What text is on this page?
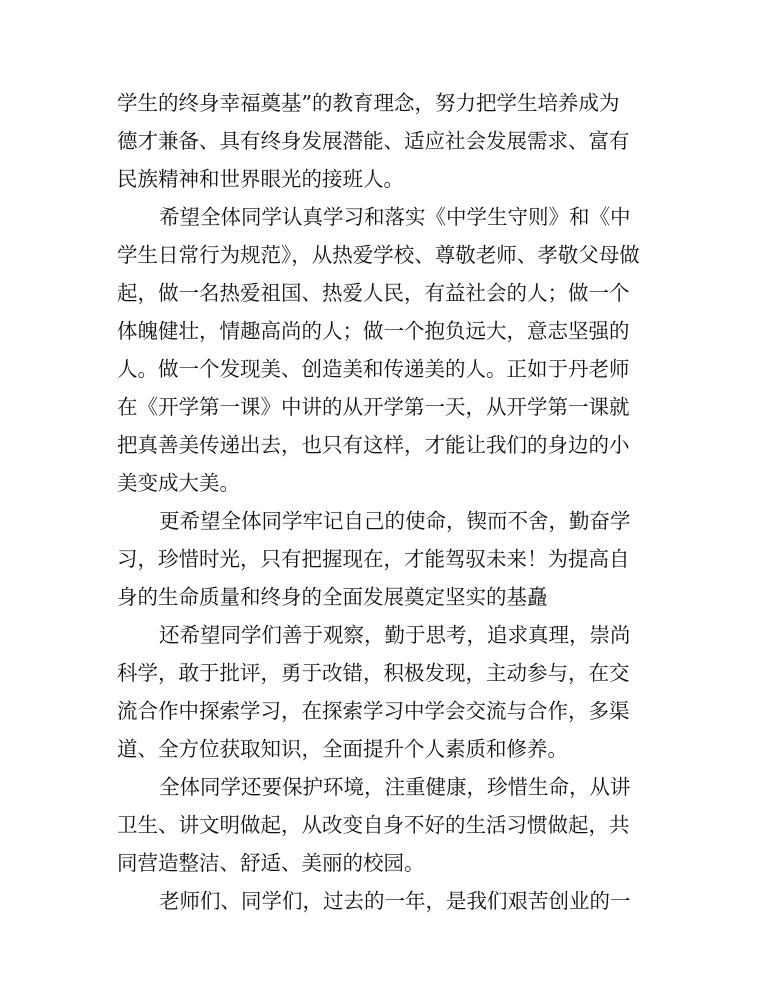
学生的终身幸福奠基”的教育理念，努力把学生培养成为

德才兼备、具有终身发展潜能、适应社会发展需求、富有

民族精神和世界眼光的接班人。

希望全体同学认真学习和落实《中学生守则》和《中

学生日常行为规范》，从热爱学校、尊敬老师、孝敬父母做

起，做一名热爱祖国、热爱人民，有益社会的人；做一个

体魄健壮，情趣高尚的人；做一个抱负远大，意志坚强的

人。做一个发现美、创造美和传递美的人。正如于丹老师

在《开学第一课》中讲的从开学第一天，从开学第一课就

把真善美传递出去，也只有这样，才能让我们的身边的小

美变成大美。

更希望全体同学牢记自己的使命，锲而不舍，勤奋学

习，珍惜时光，只有把握现在，才能驾驭未来！为提高自

身的生命质量和终身的全面发展奠定坚实的基矗

还希望同学们善于观察，勤于思考，追求真理，崇尚

科学，敢于批评，勇于改错，积极发现，主动参与，在交

流合作中探索学习，在探索学习中学会交流与合作，多渠

道、全方位获取知识，全面提升个人素质和修养。

全体同学还要保护环境，注重健康，珍惜生命，从讲

卫生、讲文明做起，从改变自身不好的生活习惯做起，共

同营造整洁、舒适、美丽的校园。

老师们、同学们，过去的一年，是我们艰苦创业的一
